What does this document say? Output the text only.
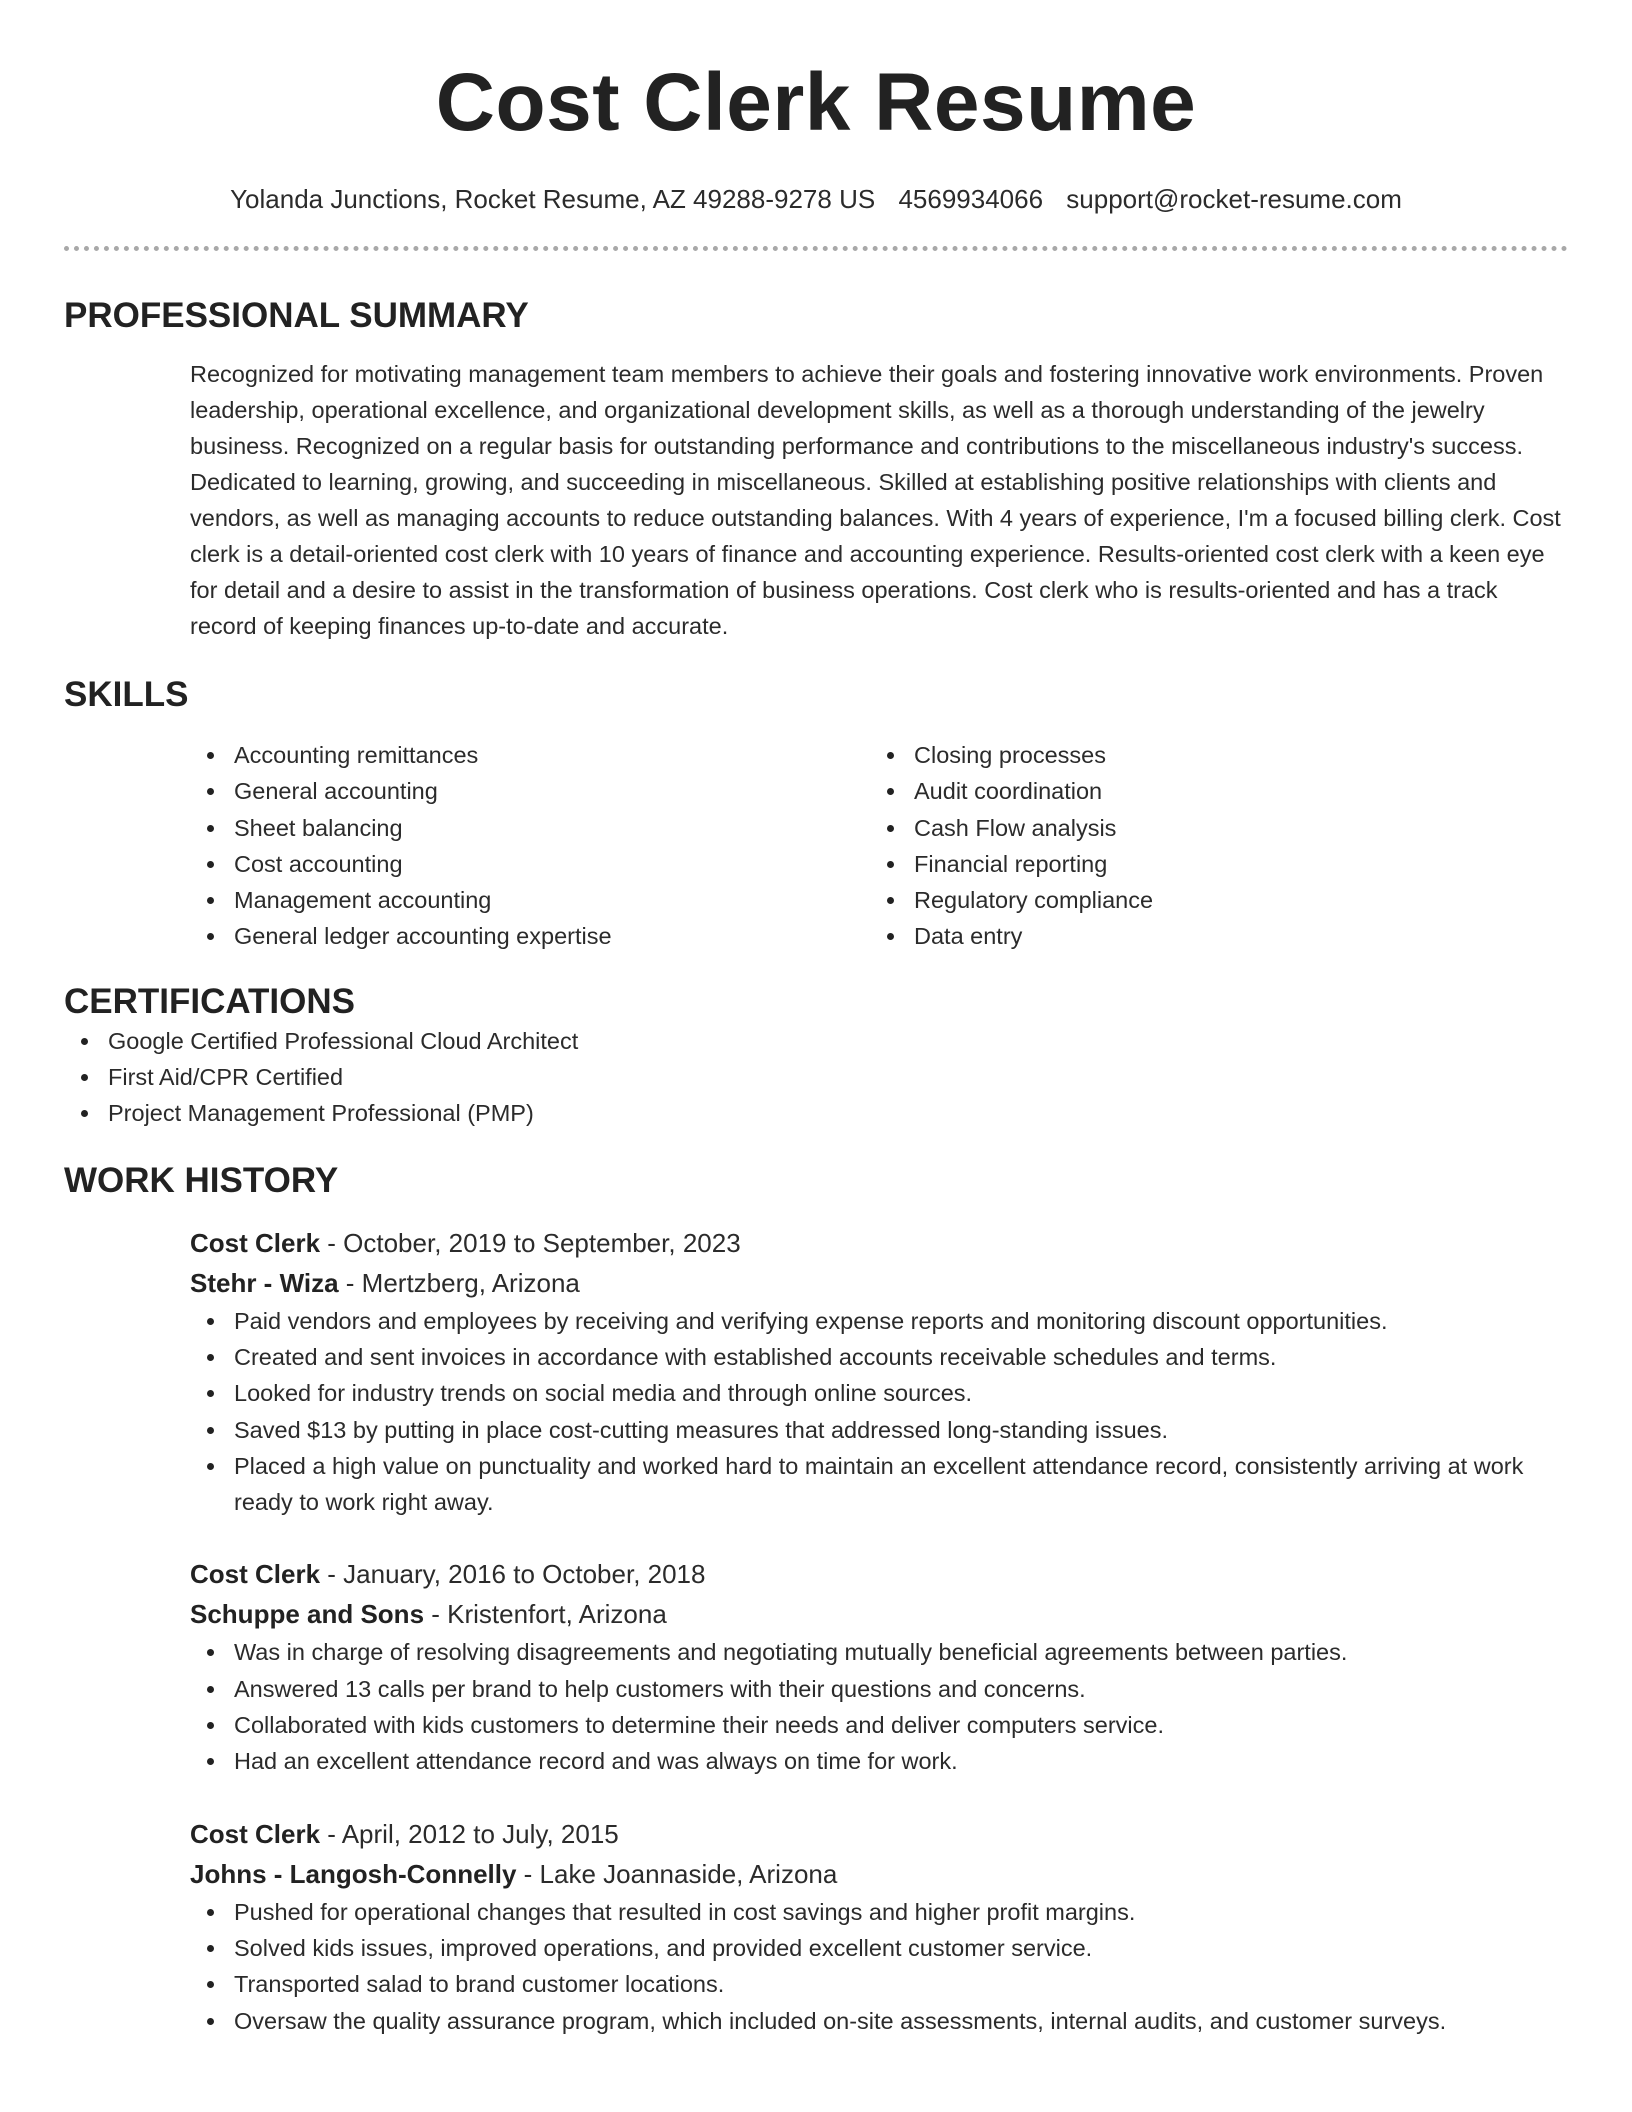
Cost Clerk Resume
Yolanda Junctions, Rocket Resume, AZ 49288-9278 US 4569934066 support@rocket-resume.com
PROFESSIONAL SUMMARY
Recognized for motivating management team members to achieve their goals and fostering innovative work environments. Proven leadership, operational excellence, and organizational development skills, as well as a thorough understanding of the jewelry business. Recognized on a regular basis for outstanding performance and contributions to the miscellaneous industry's success. Dedicated to learning, growing, and succeeding in miscellaneous. Skilled at establishing positive relationships with clients and vendors, as well as managing accounts to reduce outstanding balances. With 4 years of experience, I'm a focused billing clerk. Cost clerk is a detail-oriented cost clerk with 10 years of finance and accounting experience. Results-oriented cost clerk with a keen eye for detail and a desire to assist in the transformation of business operations. Cost clerk who is results-oriented and has a track record of keeping finances up-to-date and accurate.
SKILLS
Accounting remittances
General accounting
Sheet balancing
Cost accounting
Management accounting
General ledger accounting expertise
Closing processes
Audit coordination
Cash Flow analysis
Financial reporting
Regulatory compliance
Data entry
CERTIFICATIONS
Google Certified Professional Cloud Architect
First Aid/CPR Certified
Project Management Professional (PMP)
WORK HISTORY
Cost Clerk - October, 2019 to September, 2023
Stehr - Wiza - Mertzberg, Arizona
Paid vendors and employees by receiving and verifying expense reports and monitoring discount opportunities.
Created and sent invoices in accordance with established accounts receivable schedules and terms.
Looked for industry trends on social media and through online sources.
Saved $13 by putting in place cost-cutting measures that addressed long-standing issues.
Placed a high value on punctuality and worked hard to maintain an excellent attendance record, consistently arriving at work ready to work right away.
Cost Clerk - January, 2016 to October, 2018
Schuppe and Sons - Kristenfort, Arizona
Was in charge of resolving disagreements and negotiating mutually beneficial agreements between parties.
Answered 13 calls per brand to help customers with their questions and concerns.
Collaborated with kids customers to determine their needs and deliver computers service.
Had an excellent attendance record and was always on time for work.
Cost Clerk - April, 2012 to July, 2015
Johns - Langosh-Connelly - Lake Joannaside, Arizona
Pushed for operational changes that resulted in cost savings and higher profit margins.
Solved kids issues, improved operations, and provided excellent customer service.
Transported salad to brand customer locations.
Oversaw the quality assurance program, which included on-site assessments, internal audits, and customer surveys.
